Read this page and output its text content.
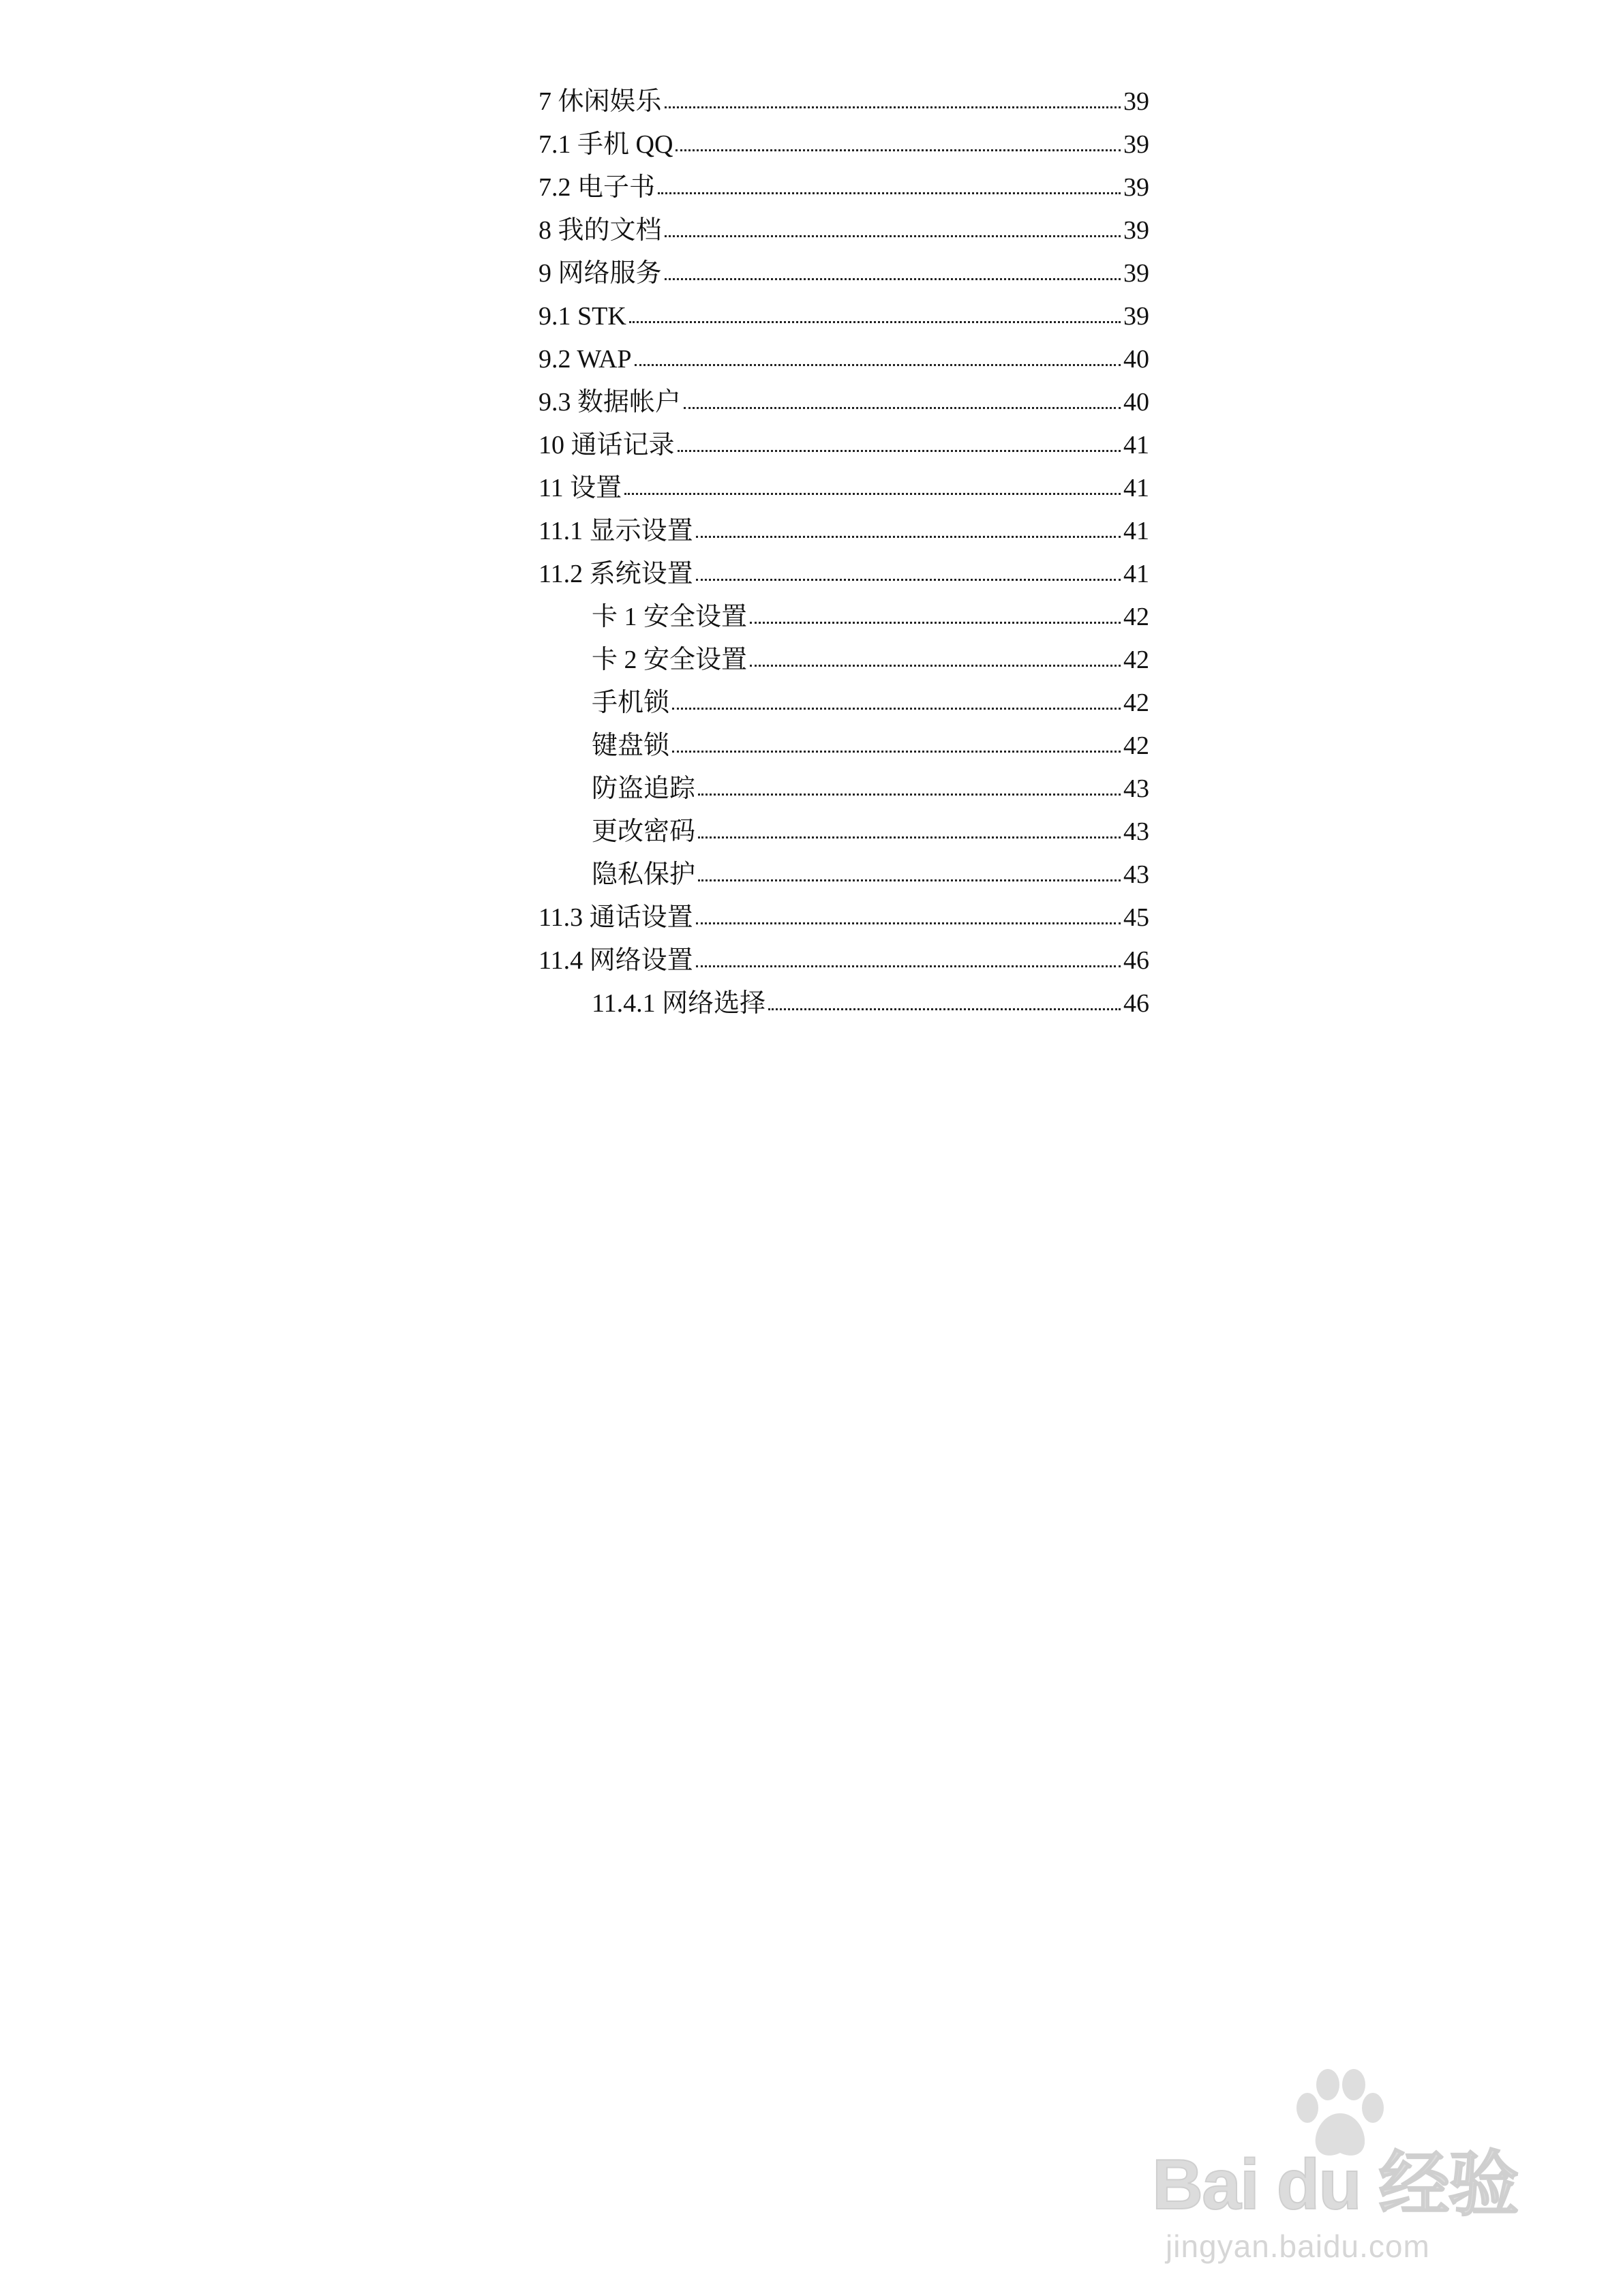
7 休闲娱乐	39
7.1 手机 QQ	39
7.2 电子书	39
8 我的文档	39
9 网络服务	39
9.1 STK	39
9.2 WAP	40
9.3 数据帐户	40
10 通话记录	41
11 设置	41
11.1 显示设置	41
11.2 系统设置	41
卡 1 安全设置	42
卡 2 安全设置	42
手机锁	42
键盘锁	42
防盗追踪	43
更改密码	43
隐私保护	43
11.3 通话设置	45
11.4 网络设置	46
11.4.1 网络选择	46
Bai du 经验
jingyan.baidu.com
